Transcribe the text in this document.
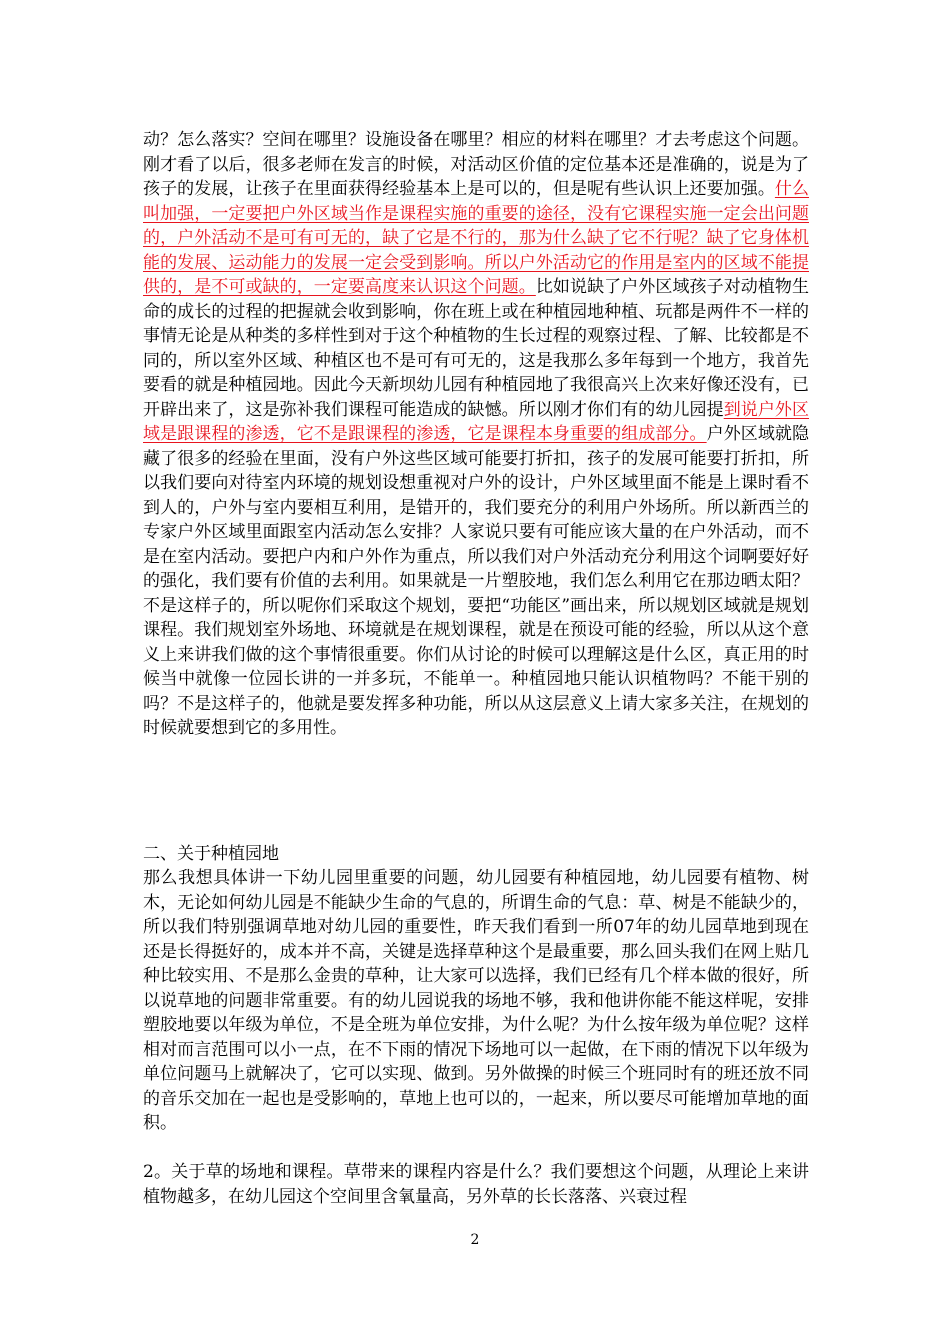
动？怎么落实？空间在哪里？设施设备在哪里？相应的材料在哪里？才去考虑这个问题。刚才看了以后，很多老师在发言的时候，对活动区价值的定位基本还是准确的，说是为了孩子的发展，让孩子在里面获得经验基本上是可以的，但是呢有些认识上还要加强。什么叫加强，一定要把户外区域当作是课程实施的重要的途径，没有它课程实施一定会出问题的，户外活动不是可有可无的，缺了它是不行的，那为什么缺了它不行呢？缺了它身体机能的发展、运动能力的发展一定会受到影响。所以户外活动它的作用是室内的区域不能提供的，是不可或缺的，一定要高度来认识这个问题。比如说缺了户外区域孩子对动植物生命的成长的过程的把握就会收到影响，你在班上或在种植园地种植、玩都是两件不一样的事情无论是从种类的多样性到对于这个种植物的生长过程的观察过程、了解、比较都是不同的，所以室外区域、种植区也不是可有可无的，这是我那么多年每到一个地方，我首先要看的就是种植园地。因此今天新坝幼儿园有种植园地了我很高兴上次来好像还没有，已开辟出来了，这是弥补我们课程可能造成的缺憾。所以刚才你们有的幼儿园提到说户外区域是跟课程的渗透，它不是跟课程的渗透，它是课程本身重要的组成部分。户外区域就隐藏了很多的经验在里面，没有户外这些区域可能要打折扣，孩子的发展可能要打折扣，所以我们要向对待室内环境的规划设想重视对户外的设计，户外区域里面不能是上课时看不到人的，户外与室内要相互利用，是错开的，我们要充分的利用户外场所。所以新西兰的专家户外区域里面跟室内活动怎么安排？人家说只要有可能应该大量的在户外活动，而不是在室内活动。要把户内和户外作为重点，所以我们对户外活动充分利用这个词啊要好好的强化，我们要有价值的去利用。如果就是一片塑胶地，我们怎么利用它在那边晒太阳？不是这样子的，所以呢你们采取这个规划，要把“功能区”画出来，所以规划区域就是规划课程。我们规划室外场地、环境就是在规划课程，就是在预设可能的经验，所以从这个意义上来讲我们做的这个事情很重要。你们从讨论的时候可以理解这是什么区，真正用的时候当中就像一位园长讲的一并多玩，不能单一。种植园地只能认识植物吗？不能干别的吗？不是这样子的，他就是要发挥多种功能，所以从这层意义上请大家多关注，在规划的时候就要想到它的多用性。
二、关于种植园地
那么我想具体讲一下幼儿园里重要的问题，幼儿园要有种植园地，幼儿园要有植物、树木，无论如何幼儿园是不能缺少生命的气息的，所谓生命的气息：草、树是不能缺少的，所以我们特别强调草地对幼儿园的重要性，昨天我们看到一所07年的幼儿园草地到现在还是长得挺好的，成本并不高，关键是选择草种这个是最重要，那么回头我们在网上贴几种比较实用、不是那么金贵的草种，让大家可以选择，我们已经有几个样本做的很好，所以说草地的问题非常重要。有的幼儿园说我的场地不够，我和他讲你能不能这样呢，安排塑胶地要以年级为单位，不是全班为单位安排，为什么呢？为什么按年级为单位呢？这样相对而言范围可以小一点，在不下雨的情况下场地可以一起做，在下雨的情况下以年级为单位问题马上就解决了，它可以实现、做到。另外做操的时候三个班同时有的班还放不同的音乐交加在一起也是受影响的，草地上也可以的，一起来，所以要尽可能增加草地的面积。
2。关于草的场地和课程。草带来的课程内容是什么？我们要想这个问题，从理论上来讲植物越多，在幼儿园这个空间里含氧量高，另外草的长长落落、兴衰过程
2
